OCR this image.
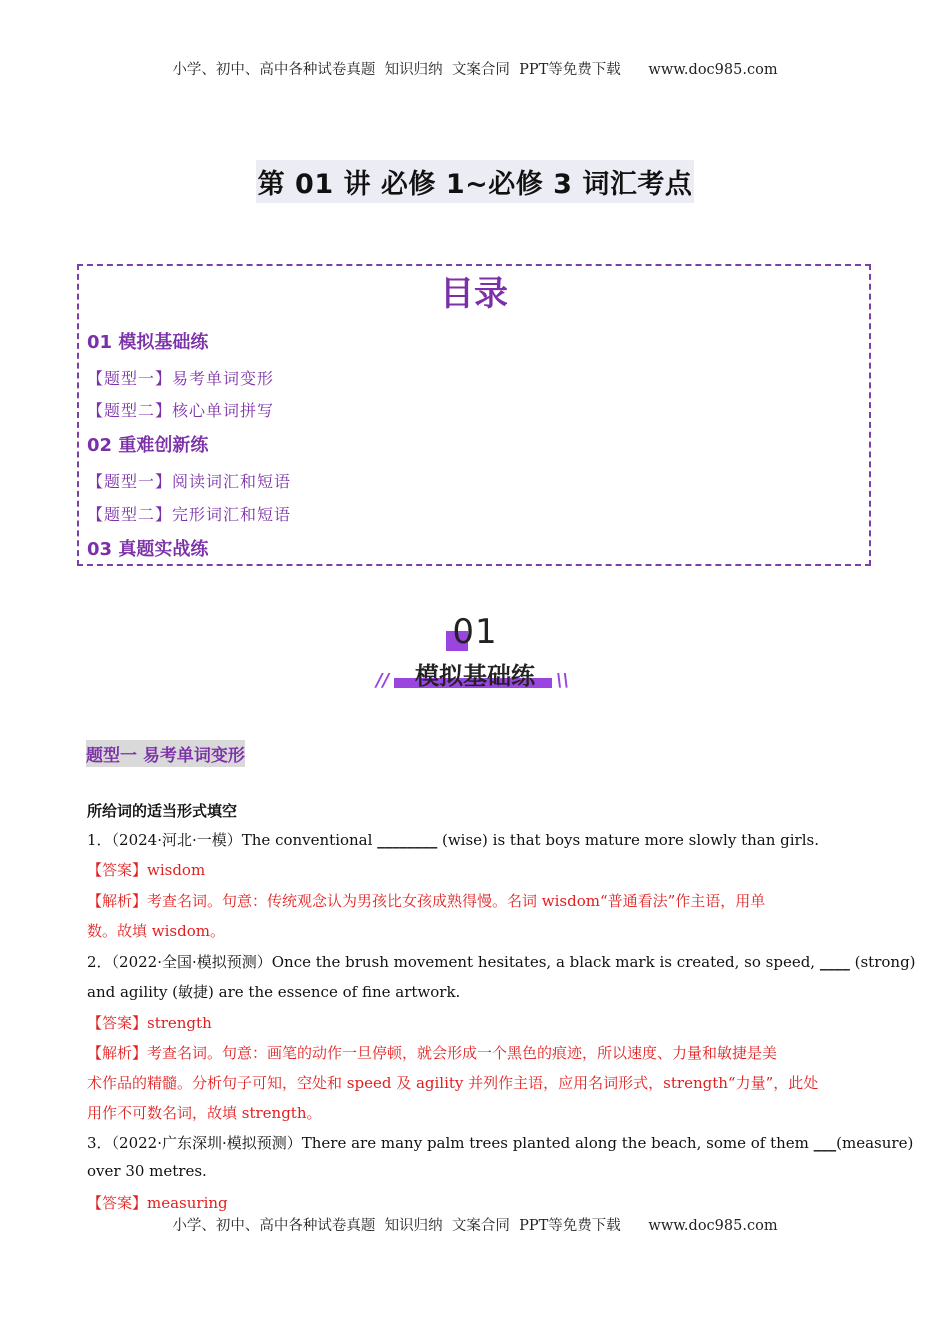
小学、初中、高中各种试卷真题  知识归纳  文案合同  PPT等免费下载 www.doc985.com
第 01 讲 必修 1~必修 3 词汇考点
目录
01 模拟基础练
【题型一】易考单词变形
【题型二】核心单词拼写
02 重难创新练
【题型一】阅读词汇和短语
【题型二】完形词汇和短语
03 真题实战练
01
模拟基础练
//	\\
题型一 易考单词变形
所给词的适当形式填空
1．（2024·河北·一模）The conventional ________ (wise) is that boys mature more slowly than girls.
【答案】wisdom
【解析】考查名词。句意：传统观念认为男孩比女孩成熟得慢。名词 wisdom“普通看法”作主语，用单
数。故填 wisdom。
2．（2022·全国·模拟预测）Once the brush movement hesitates, a black mark is created, so speed, ____ (strong)
and agility (敏捷) are the essence of fine artwork.
【答案】strength
【解析】考查名词。句意：画笔的动作一旦停顿，就会形成一个黑色的痕迹，所以速度、力量和敏捷是美
术作品的精髓。分析句子可知，空处和 speed 及 agility 并列作主语，应用名词形式，strength“力量”，此处
用作不可数名词，故填 strength。
3．（2022·广东深圳·模拟预测）There are many palm trees planted along the beach, some of them ___(measure)
over 30 metres.
【答案】measuring
小学、初中、高中各种试卷真题  知识归纳  文案合同  PPT等免费下载 www.doc985.com
